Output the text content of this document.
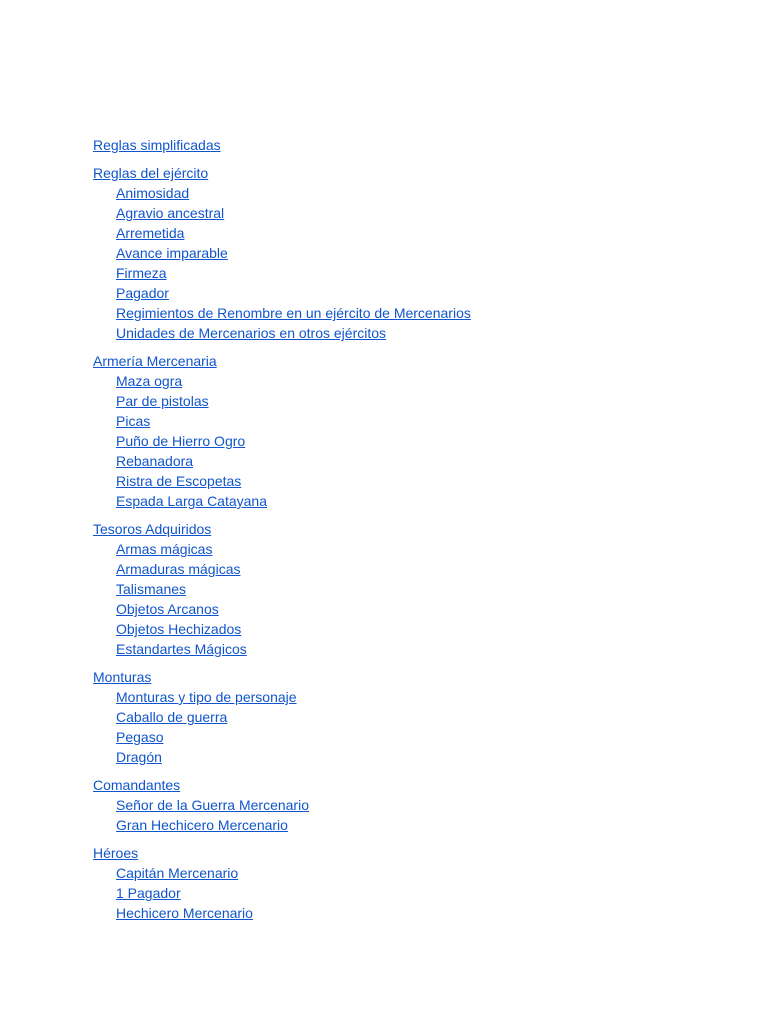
Reglas simplificadas
Reglas del ejército
Animosidad
Agravio ancestral
Arremetida
Avance imparable
Firmeza
Pagador
Regimientos de Renombre en un ejército de Mercenarios
Unidades de Mercenarios en otros ejércitos
Armería Mercenaria
Maza ogra
Par de pistolas
Picas
Puño de Hierro Ogro
Rebanadora
Ristra de Escopetas
Espada Larga Catayana
Tesoros Adquiridos
Armas mágicas
Armaduras mágicas
Talismanes
Objetos Arcanos
Objetos Hechizados
Estandartes Mágicos
Monturas
Monturas y tipo de personaje
Caballo de guerra
Pegaso
Dragón
Comandantes
Señor de la Guerra Mercenario
Gran Hechicero Mercenario
Héroes
Capitán Mercenario
1 Pagador
Hechicero Mercenario
